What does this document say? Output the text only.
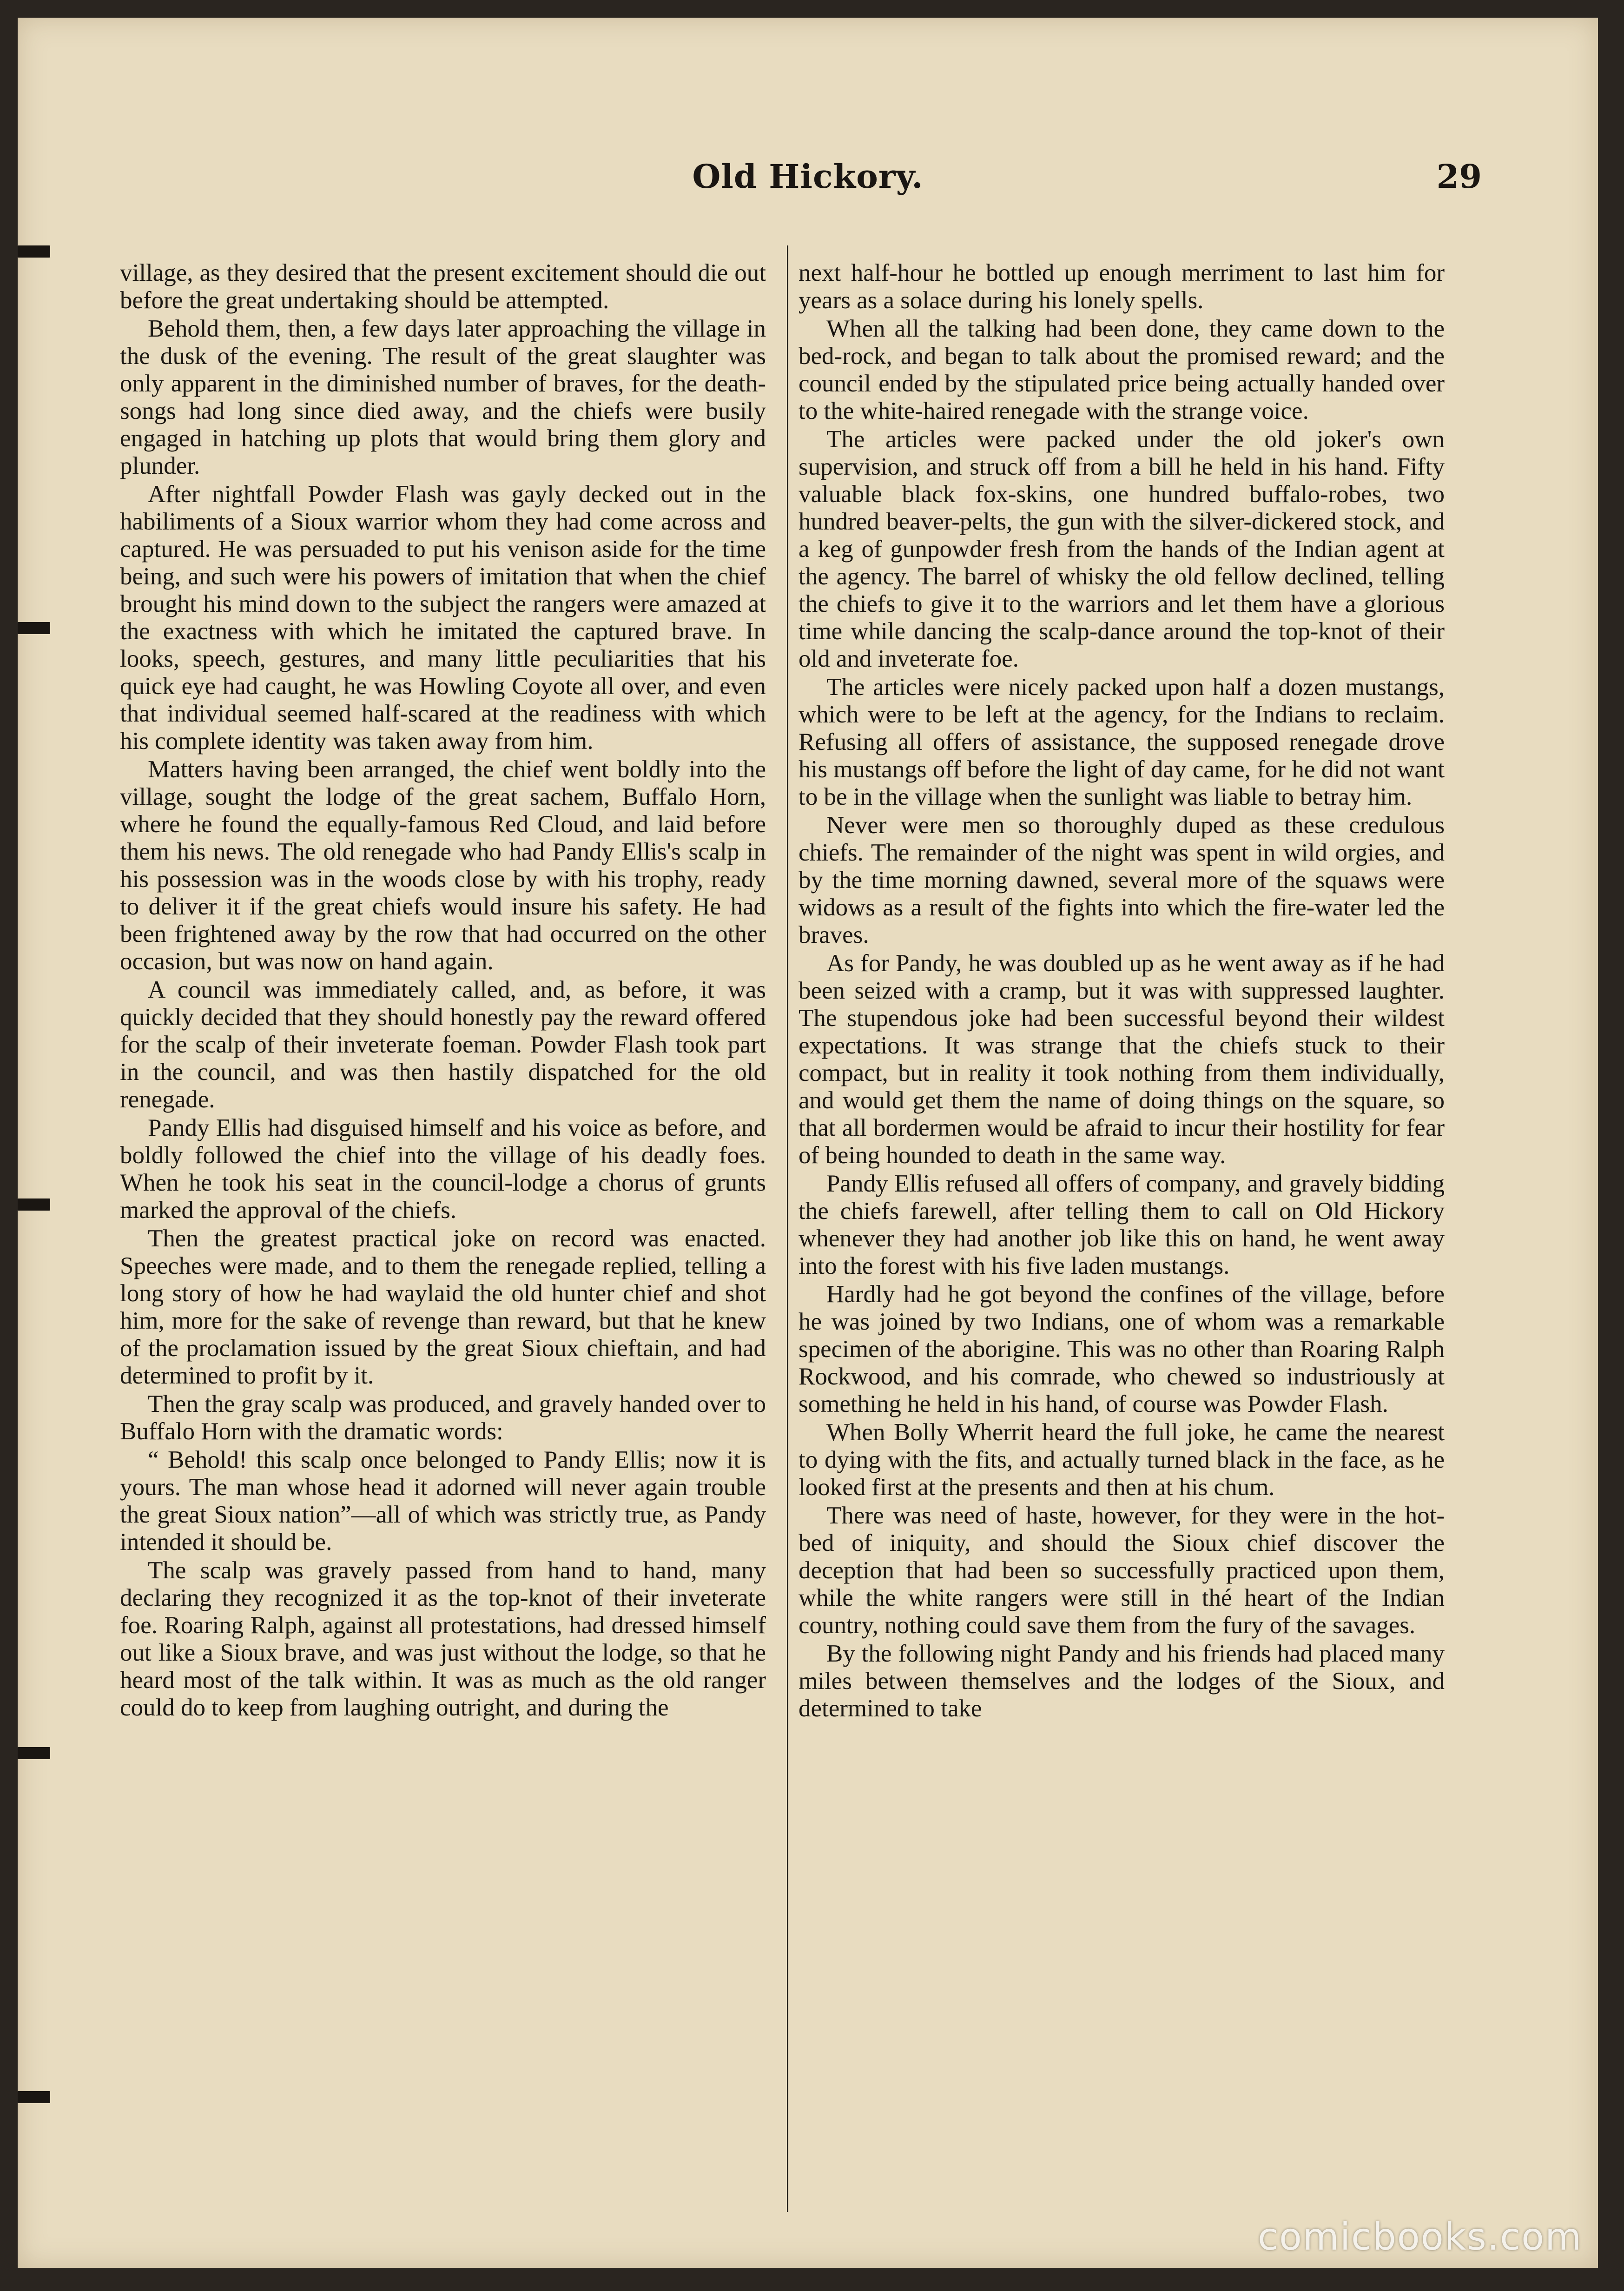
Old Hickory.	29

village, as they desired that the present excitement should die out before the great undertaking should be attempted.

Behold them, then, a few days later approaching the village in the dusk of the evening. The result of the great slaughter was only apparent in the diminished number of braves, for the death-songs had long since died away, and the chiefs were busily engaged in hatching up plots that would bring them glory and plunder.

After nightfall Powder Flash was gayly decked out in the habiliments of a Sioux warrior whom they had come across and captured. He was persuaded to put his venison aside for the time being, and such were his powers of imitation that when the chief brought his mind down to the subject the rangers were amazed at the exactness with which he imitated the captured brave. In looks, speech, gestures, and many little peculiarities that his quick eye had caught, he was Howling Coyote all over, and even that individual seemed half-scared at the readiness with which his complete identity was taken away from him.

Matters having been arranged, the chief went boldly into the village, sought the lodge of the great sachem, Buffalo Horn, where he found the equally-famous Red Cloud, and laid before them his news. The old renegade who had Pandy Ellis's scalp in his possession was in the woods close by with his trophy, ready to deliver it if the great chiefs would insure his safety. He had been frightened away by the row that had occurred on the other occasion, but was now on hand again.

A council was immediately called, and, as before, it was quickly decided that they should honestly pay the reward offered for the scalp of their inveterate foeman. Powder Flash took part in the council, and was then hastily dispatched for the old renegade.

Pandy Ellis had disguised himself and his voice as before, and boldly followed the chief into the village of his deadly foes. When he took his seat in the council-lodge a chorus of grunts marked the approval of the chiefs.

Then the greatest practical joke on record was enacted. Speeches were made, and to them the renegade replied, telling a long story of how he had waylaid the old hunter chief and shot him, more for the sake of revenge than reward, but that he knew of the proclamation issued by the great Sioux chieftain, and had determined to profit by it.

Then the gray scalp was produced, and gravely handed over to Buffalo Horn with the dramatic words:

“ Behold! this scalp once belonged to Pandy Ellis; now it is yours. The man whose head it adorned will never again trouble the great Sioux nation”—all of which was strictly true, as Pandy intended it should be.

The scalp was gravely passed from hand to hand, many declaring they recognized it as the top-knot of their inveterate foe. Roaring Ralph, against all protestations, had dressed himself out like a Sioux brave, and was just without the lodge, so that he heard most of the talk within. It was as much as the old ranger could do to keep from laughing outright, and during the

next half-hour he bottled up enough merriment to last him for years as a solace during his lonely spells.

When all the talking had been done, they came down to the bed-rock, and began to talk about the promised reward; and the council ended by the stipulated price being actually handed over to the white-haired renegade with the strange voice.

The articles were packed under the old joker's own supervision, and struck off from a bill he held in his hand. Fifty valuable black fox-skins, one hundred buffalo-robes, two hundred beaver-pelts, the gun with the silver-dickered stock, and a keg of gunpowder fresh from the hands of the Indian agent at the agency. The barrel of whisky the old fellow declined, telling the chiefs to give it to the warriors and let them have a glorious time while dancing the scalp-dance around the top-knot of their old and inveterate foe.

The articles were nicely packed upon half a dozen mustangs, which were to be left at the agency, for the Indians to reclaim. Refusing all offers of assistance, the supposed renegade drove his mustangs off before the light of day came, for he did not want to be in the village when the sunlight was liable to betray him.

Never were men so thoroughly duped as these credulous chiefs. The remainder of the night was spent in wild orgies, and by the time morning dawned, several more of the squaws were widows as a result of the fights into which the fire-water led the braves.

As for Pandy, he was doubled up as he went away as if he had been seized with a cramp, but it was with suppressed laughter. The stupendous joke had been successful beyond their wildest expectations. It was strange that the chiefs stuck to their compact, but in reality it took nothing from them individually, and would get them the name of doing things on the square, so that all bordermen would be afraid to incur their hostility for fear of being hounded to death in the same way.

Pandy Ellis refused all offers of company, and gravely bidding the chiefs farewell, after telling them to call on Old Hickory whenever they had another job like this on hand, he went away into the forest with his five laden mustangs.

Hardly had he got beyond the confines of the village, before he was joined by two Indians, one of whom was a remarkable specimen of the aborigine. This was no other than Roaring Ralph Rockwood, and his comrade, who chewed so industriously at something he held in his hand, of course was Powder Flash.

When Bolly Wherrit heard the full joke, he came the nearest to dying with the fits, and actually turned black in the face, as he looked first at the presents and then at his chum.

There was need of haste, however, for they were in the hot-bed of iniquity, and should the Sioux chief discover the deception that had been so successfully practiced upon them, while the white rangers were still in thé heart of the Indian country, nothing could save them from the fury of the savages.

By the following night Pandy and his friends had placed many miles between themselves and the lodges of the Sioux, and determined to take

comicbooks.com
